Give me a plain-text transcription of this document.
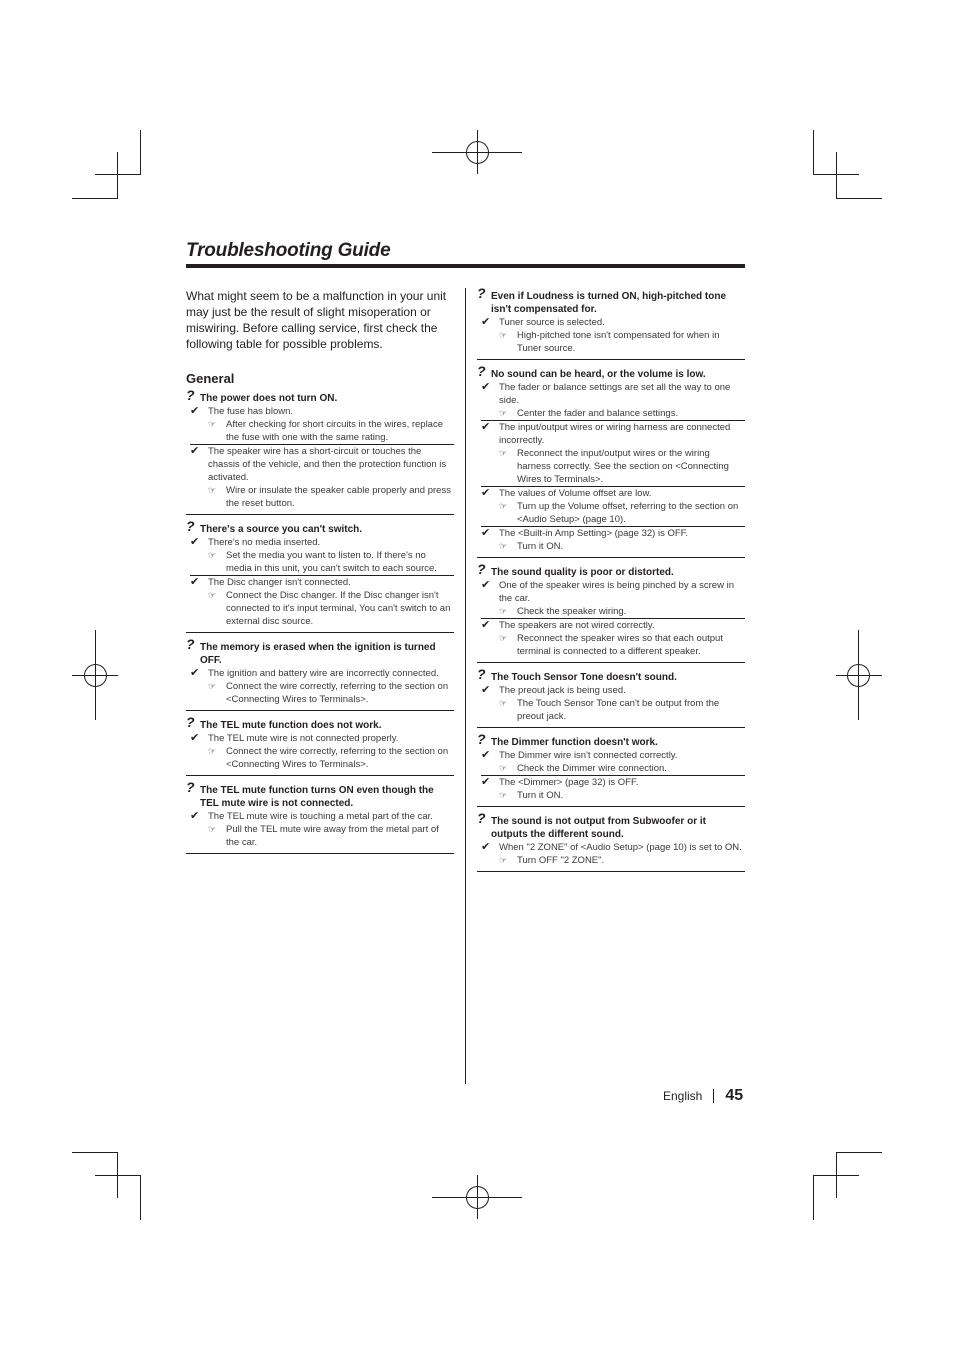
Troubleshooting Guide

What might seem to be a malfunction in your unit may just be the result of slight misoperation or miswiring. Before calling service, first check the following table for possible problems.

General
? The power does not turn ON.
✔ The fuse has blown.
☞ After checking for short circuits in the wires, replace the fuse with one with the same rating.
✔ The speaker wire has a short-circuit or touches the chassis of the vehicle, and then the protection function is activated.
☞ Wire or insulate the speaker cable properly and press the reset button.
? There's a source you can't switch.
✔ There's no media inserted.
☞ Set the media you want to listen to. If there's no media in this unit, you can't switch to each source.
✔ The Disc changer isn't connected.
☞ Connect the Disc changer. If the Disc changer isn't connected to it's input terminal, You can't switch to an external disc source.
? The memory is erased when the ignition is turned OFF.
✔ The ignition and battery wire are incorrectly connected.
☞ Connect the wire correctly, referring to the section on <Connecting Wires to Terminals>.
? The TEL mute function does not work.
✔ The TEL mute wire is not connected properly.
☞ Connect the wire correctly, referring to the section on <Connecting Wires to Terminals>.
? The TEL mute function turns ON even though the TEL mute wire is not connected.
✔ The TEL mute wire is touching a metal part of the car.
☞ Pull the TEL mute wire away from the metal part of the car.
? Even if Loudness is turned ON, high-pitched tone isn't compensated for.
✔ Tuner source is selected.
☞ High-pitched tone isn't compensated for when in Tuner source.
? No sound can be heard, or the volume is low.
✔ The fader or balance settings are set all the way to one side.
☞ Center the fader and balance settings.
✔ The input/output wires or wiring harness are connected incorrectly.
☞ Reconnect the input/output wires or the wiring harness correctly. See the section on <Connecting Wires to Terminals>.
✔ The values of Volume offset are low.
☞ Turn up the Volume offset, referring to the section on <Audio Setup> (page 10).
✔ The <Built-in Amp Setting> (page 32) is OFF.
☞ Turn it ON.
? The sound quality is poor or distorted.
✔ One of the speaker wires is being pinched by a screw in the car.
☞ Check the speaker wiring.
✔ The speakers are not wired correctly.
☞ Reconnect the speaker wires so that each output terminal is connected to a different speaker.
? The Touch Sensor Tone doesn't sound.
✔ The preout jack is being used.
☞ The Touch Sensor Tone can't be output from the preout jack.
? The Dimmer function doesn't work.
✔ The Dimmer wire isn't connected correctly.
☞ Check the Dimmer wire connection.
✔ The <Dimmer> (page 32) is OFF.
☞ Turn it ON.
? The sound is not output from Subwoofer or it outputs the different sound.
✔ When "2 ZONE" of <Audio Setup> (page 10) is set to ON.
☞ Turn OFF "2 ZONE".
English 45
